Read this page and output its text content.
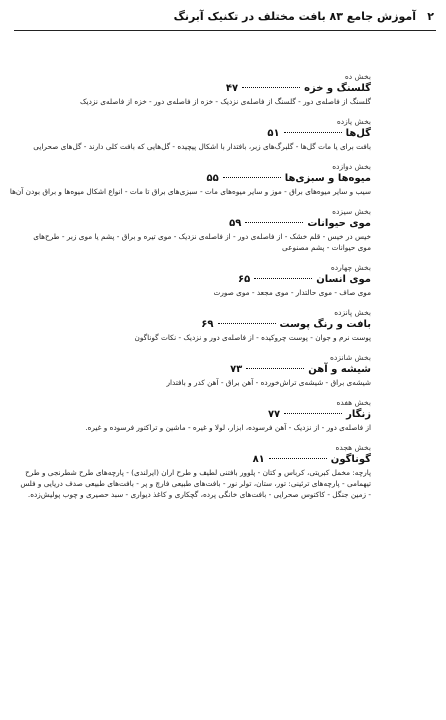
۲
آموزش جامع ۸۳ بافت مختلف در تکنیک آبرنگ
بخش ده
گلسنگ و خزه
۴۷
گلسنگ از فاصله‌ی دور - گلسنگ از فاصله‌ی نزدیک - خزه از فاصله‌ی دور - خزه از فاصله‌ی نزدیک
بخش یازده
گل‌ها
۵۱
بافت برای یا مات گل‌ها - گلبرگ‌های زبر، بافتدار با اشکال پیچیده - گل‌هایی که بافت کلی دارند - گل‌های صحرایی
بخش دوازده
میوه‌ها و سبزی‌ها
۵۵
سیب و سایر میوه‌های براق - موز و سایر میوه‌های مات - سبزی‌های براق تا مات - انواع اشکال میوه‌ها و براق بودن آن‌ها
بخش سیزده
موی حیوانات
۵۹
خیس در خیس - قلم خشک - از فاصله‌ی دور - از فاصله‌ی نزدیک - موی تیره و براق - پشم یا موی زبر - طرح‌های
موی حیوانات - پشم مصنوعی
بخش چهارده
موی انسان
۶۵
موی صاف - موی حالتدار - موی مجعد - موی صورت
بخش پانزده
بافت و رنگ پوست
۶۹
پوست نرم و جوان - پوست چروکیده - از فاصله‌ی دور و نزدیک - نکات گوناگون
بخش شانزده
شیشه و آهن
۷۳
شیشه‌ی براق - شیشه‌ی تراش‌خورده - آهن براق - آهن کدر و بافتدار
بخش هفده
زنگار
۷۷
از فاصله‌ی دور - از نزدیک - آهن فرسوده، ابزار، لولا و غیره - ماشین و تراکتور فرسوده و غیره.
بخش هجده
گوناگون
۸۱
پارچه: مخمل کبریتی، کرباس و کتان - پلوور بافتنی لطیف و طرح اران (ایرلندی) - پارچه‌های طرح شطرنجی و طرح
تیهمامی - پارچه‌های ترئینی: تور، ستان، تولر نور - بافت‌های طبیعی فارچ و پر - بافت‌های طبیعی صدف دریایی و فلس
- زمین جنگل - کاکتوس صحرایی - بافت‌های خانگی پرده، گچکاری و کاغذ دیواری - سبد حصیری و چوب پولیش‌زده.
